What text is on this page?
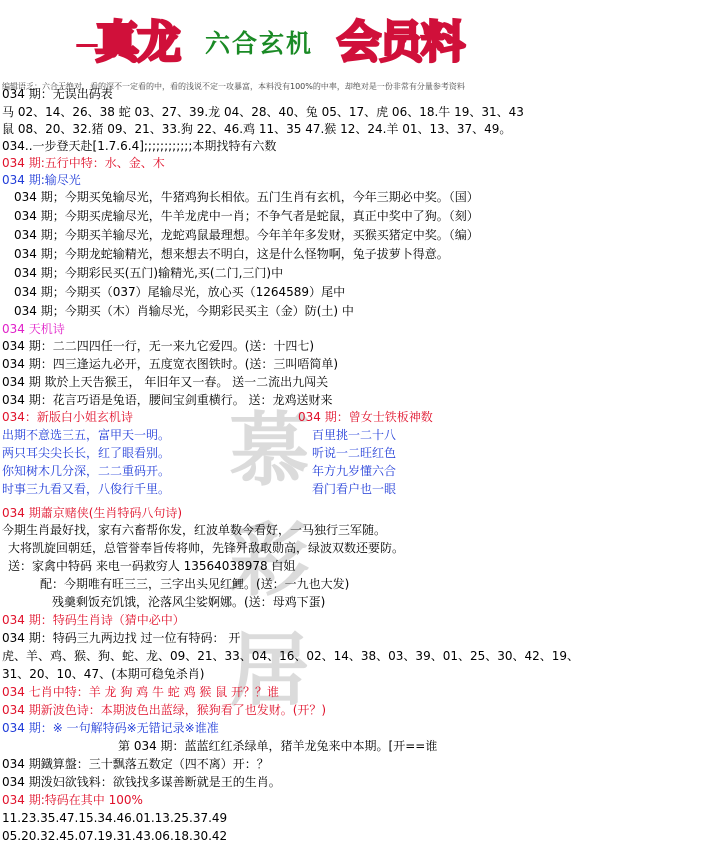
—
真龙 六合玄机 会员料
编辑语乏：六合无绝对，看的深不一定看的中，看的浅说不定一攻暴富，本料没有100%的中率，却绝对是一份非常有分量参考资料
慕
彩
居
034 期：无误出码表
马 02、14、26、38 蛇 03、27、39.龙 04、28、40、兔 05、17、虎 06、18.牛 19、31、43
鼠 08、20、32.猪 09、21、33.狗 22、46.鸡 11、35 47.猴 12、24.羊 01、13、37、49。
034..一步登天赴[1.7.6.4];;;;;;;;;;;;本期找特有六数
034 期:五行中特：水、金、木
034 期:输尽光
034 期；今期买兔输尽光，牛猪鸡狗长相依。五门生肖有玄机，今年三期必中奖。（国）
034 期；今期买虎输尽光，牛羊龙虎中一肖；不争气者是蛇鼠，真正中奖中了狗。（刻）
034 期；今期买羊输尽光，龙蛇鸡鼠最理想。今年羊年多发财，买猴买猪定中奖。（编）
034 期；今期龙蛇输精光，想来想去不明白，这是什么怪物啊，兔子拔萝卜得意。
034 期；今期彩民买(五门)输精光,买(二门,三门)中
034 期；今期买（037）尾输尽光，放心买（1264589）尾中
034 期；今期买（木）肖输尽光，今期彩民买主（金）防(土) 中
034 天机诗
034 期：二二四四任一行，无一来九它爱四。(送：十四七)
034 期：四三逢运九必开，五度宽衣图铁时。(送：三叫唔简单)
034 期 欺於上天告猴王， 年旧年又一春。 送一二流出九闯关
034 期：花言巧语是兔语，腰间宝剑重横行。 送：龙鸡送财来
034：新版白小姐玄机诗	034 期：曾女士铁板神数
出期不意选三五，富甲天一明。	百里挑一二十八
两只耳尖尖长长，红了眼看别。	听说一二旺红色
你知树木几分深，二二重码开。	年方九岁懂六合
时事三九看又看，八俊行千里。	看门看户也一眼
034 期蕭京赌侠(生肖特码八句诗)
今期生肖最好找，家有六畜帮你发，红波单数今看好，一马独行三军随。
大将凯旋回朝廷，总管誉奉旨传将帅，先锋歼敌取勋高，绿波双数还要防。
送：家禽中特码 来电一码救穷人 13564038978 白姐
配：今期唯有旺三三，三字出头见红鲤。(送：一九也大发)
残羹剩饭充饥饿，沦落风尘娑婀娜。(送：母鸡下蛋)
034 期：特码生肖诗（猜中必中）
034 期：特码三九两边找 过一位有特码： 开
虎、羊、鸡、猴、狗、蛇、龙、09、21、33、04、16、02、14、38、03、39、01、25、30、42、19、
31、20、10、47、(本期可稳兔杀肖)
034 七肖中特：羊 龙 狗 鸡 牛 蛇 鸡 猴 鼠 开？？谁
034 期新波色诗：本期波色出蓝绿，猴狗看了也发财。(开？)
034 期：※ 一句解特码※无错记录※谁准
第 034 期：蓝蓝红红杀绿单，猪羊龙兔来中本期。[开==谁
034 期鐡算盤：三十飘落五数定（四不离）开：？
034 期泼妇欲钱料：欲钱找多谋善断就是王的生肖。
034 期:特码在其中 100%
11.23.35.47.15.34.46.01.13.25.37.49
05.20.32.45.07.19.31.43.06.18.30.42
